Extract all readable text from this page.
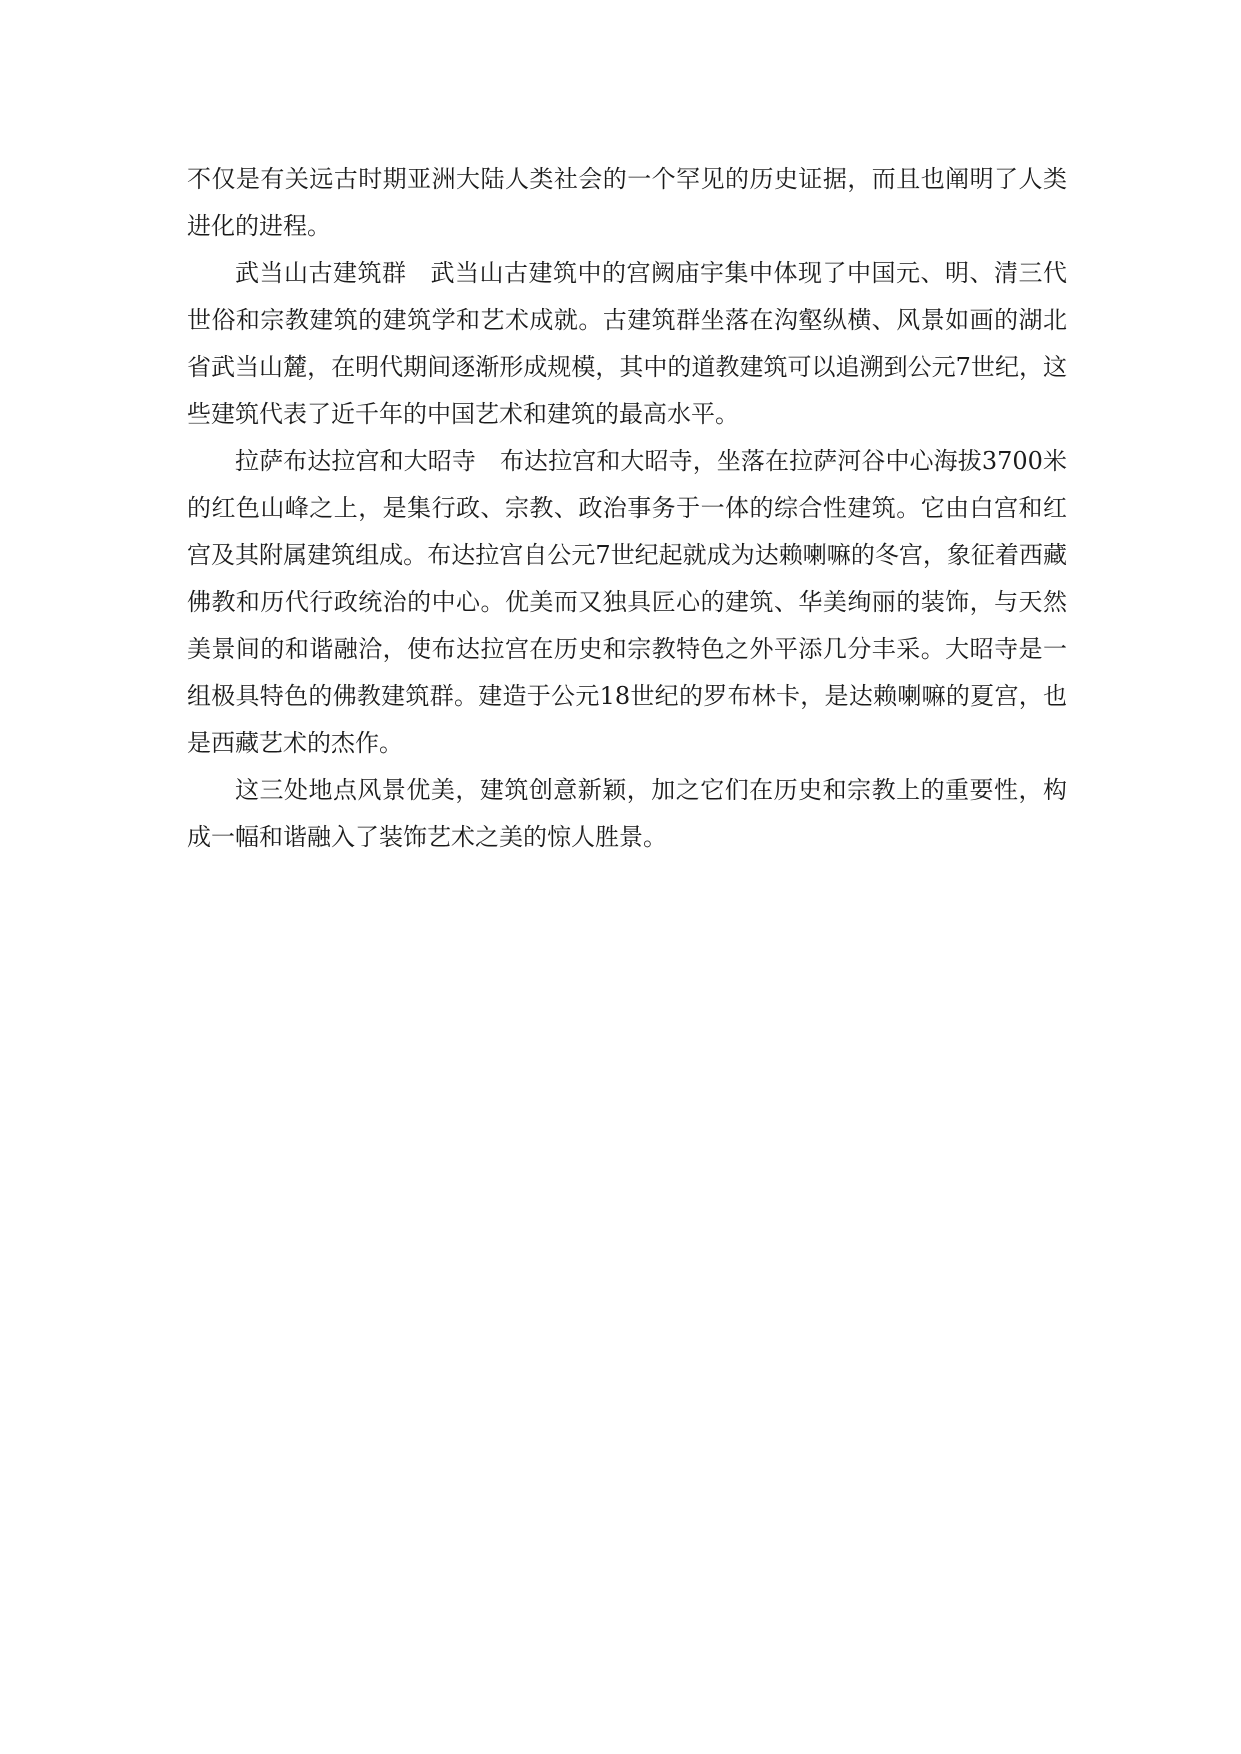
不仅是有关远古时期亚洲大陆人类社会的一个罕见的历史证据，而且也阐明了人类进化的进程。

武当山古建筑群 武当山古建筑中的宫阙庙宇集中体现了中国元、明、清三代世俗和宗教建筑的建筑学和艺术成就。古建筑群坐落在沟壑纵横、风景如画的湖北省武当山麓，在明代期间逐渐形成规模，其中的道教建筑可以追溯到公元7世纪，这些建筑代表了近千年的中国艺术和建筑的最高水平。

拉萨布达拉宫和大昭寺 布达拉宫和大昭寺，坐落在拉萨河谷中心海拔3700米的红色山峰之上，是集行政、宗教、政治事务于一体的综合性建筑。它由白宫和红宫及其附属建筑组成。布达拉宫自公元7世纪起就成为达赖喇嘛的冬宫，象征着西藏佛教和历代行政统治的中心。优美而又独具匠心的建筑、华美绚丽的装饰，与天然美景间的和谐融洽，使布达拉宫在历史和宗教特色之外平添几分丰采。大昭寺是一组极具特色的佛教建筑群。建造于公元18世纪的罗布林卡，是达赖喇嘛的夏宫，也是西藏艺术的杰作。

这三处地点风景优美，建筑创意新颖，加之它们在历史和宗教上的重要性，构成一幅和谐融入了装饰艺术之美的惊人胜景。
